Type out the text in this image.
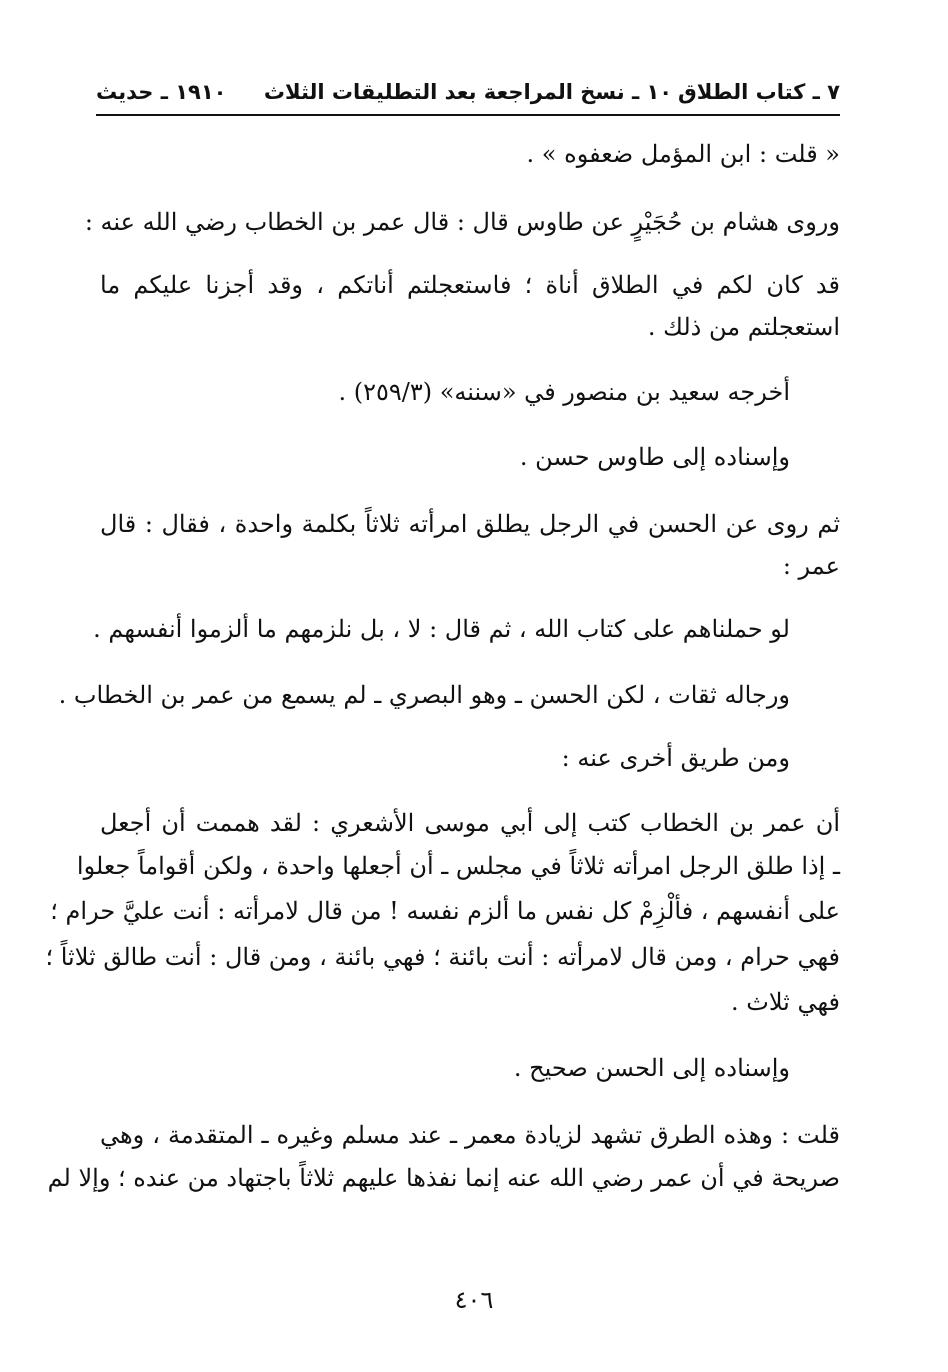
٧ ـ كتاب الطلاق
١٠ ـ نسخ المراجعة بعد التطليقات الثلاث
١٩١٠ ـ حديث
« قلت : ابن المؤمل ضعفوه » .
وروى هشام بن حُجَيْرٍ عن طاوس قال : قال عمر بن الخطاب رضي الله عنه :
قد كان لكم في الطلاق أناة ؛ فاستعجلتم أناتكم ، وقد أجزنا عليكم ما
استعجلتم من ذلك .
أخرجه سعيد بن منصور في «سننه» (٢٥٩/٣) .
وإسناده إلى طاوس حسن .
ثم روى عن الحسن في الرجل يطلق امرأته ثلاثاً بكلمة واحدة ، فقال : قال
عمر :
لو حملناهم على كتاب الله ، ثم قال : لا ، بل نلزمهم ما ألزموا أنفسهم .
ورجاله ثقات ، لكن الحسن ـ وهو البصري ـ لم يسمع من عمر بن الخطاب .
ومن طريق أخرى عنه :
أن عمر بن الخطاب كتب إلى أبي موسى الأشعري : لقد هممت أن أجعل
ـ إذا طلق الرجل امرأته ثلاثاً في مجلس ـ أن أجعلها واحدة ، ولكن أقواماً جعلوا
على أنفسهم ، فألْزِمْ كل نفس ما ألزم نفسه ! من قال لامرأته : أنت عليَّ حرام ؛
فهي حرام ، ومن قال لامرأته : أنت بائنة ؛ فهي بائنة ، ومن قال : أنت طالق ثلاثاً ؛
فهي ثلاث .
وإسناده إلى الحسن صحيح .
قلت : وهذه الطرق تشهد لزيادة معمر ـ عند مسلم وغيره ـ المتقدمة ، وهي
صريحة في أن عمر رضي الله عنه إنما نفذها عليهم ثلاثاً باجتهاد من عنده ؛ وإلا لم
٤٠٦
